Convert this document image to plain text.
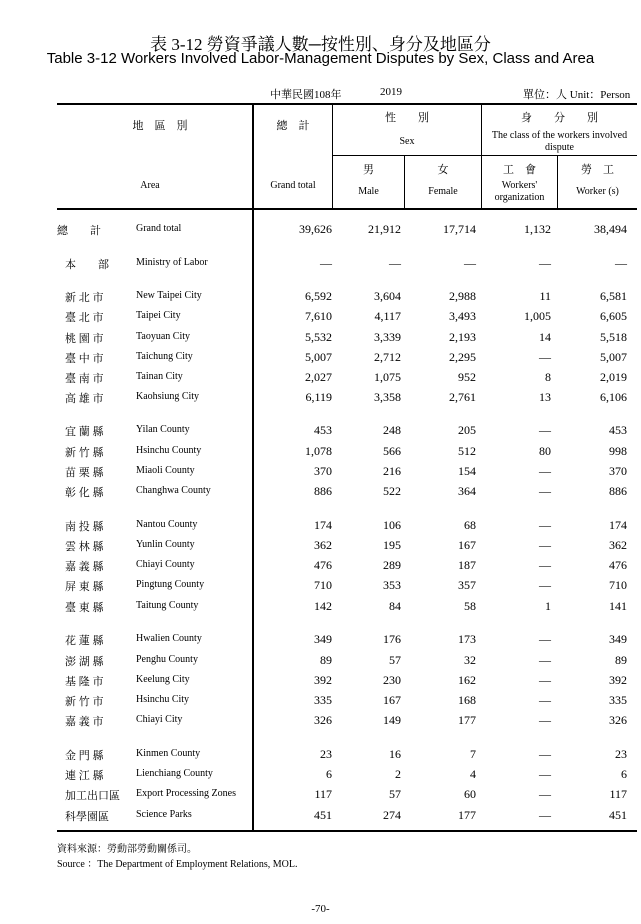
表 3-12 勞資爭議人數─按性別、身分及地區分
Table 3-12 Workers Involved Labor-Management Disputes by Sex, Class and Area
中華民國108年	2019	單位：人 Unit：Person
地　區　別
Area
總　計
Grand total
性　　別
Sex
男
Male
女
Female
身　　分　　別
The class of the workers involved dispute
工　會
Workers' organization
勞　工
Worker (s)
總　　計	Grand total	39,626	21,912	17,714	1,132	38,494
本　　部	Ministry of Labor	—	—	—	—	—
新 北 市	New Taipei City	6,592	3,604	2,988	11	6,581
臺 北 市	Taipei City	7,610	4,117	3,493	1,005	6,605
桃 園 市	Taoyuan City	5,532	3,339	2,193	14	5,518
臺 中 市	Taichung City	5,007	2,712	2,295	—	5,007
臺 南 市	Tainan City	2,027	1,075	952	8	2,019
高 雄 市	Kaohsiung City	6,119	3,358	2,761	13	6,106
宜 蘭 縣	Yilan County	453	248	205	—	453
新 竹 縣	Hsinchu County	1,078	566	512	80	998
苗 栗 縣	Miaoli County	370	216	154	—	370
彰 化 縣	Changhwa County	886	522	364	—	886
南 投 縣	Nantou County	174	106	68	—	174
雲 林 縣	Yunlin County	362	195	167	—	362
嘉 義 縣	Chiayi County	476	289	187	—	476
屏 東 縣	Pingtung County	710	353	357	—	710
臺 東 縣	Taitung County	142	84	58	1	141
花 蓮 縣	Hwalien County	349	176	173	—	349
澎 湖 縣	Penghu County	89	57	32	—	89
基 隆 市	Keelung City	392	230	162	—	392
新 竹 市	Hsinchu City	335	167	168	—	335
嘉 義 市	Chiayi City	326	149	177	—	326
金 門 縣	Kinmen County	23	16	7	—	23
連 江 縣	Lienchiang County	6	2	4	—	6
加工出口區 Export Processing Zones	117	57	60	—	117
科學園區	Science Parks	451	274	177	—	451
資料來源：勞動部勞動關係司。
Source ：The Department of Employment Relations, MOL.
-70-
